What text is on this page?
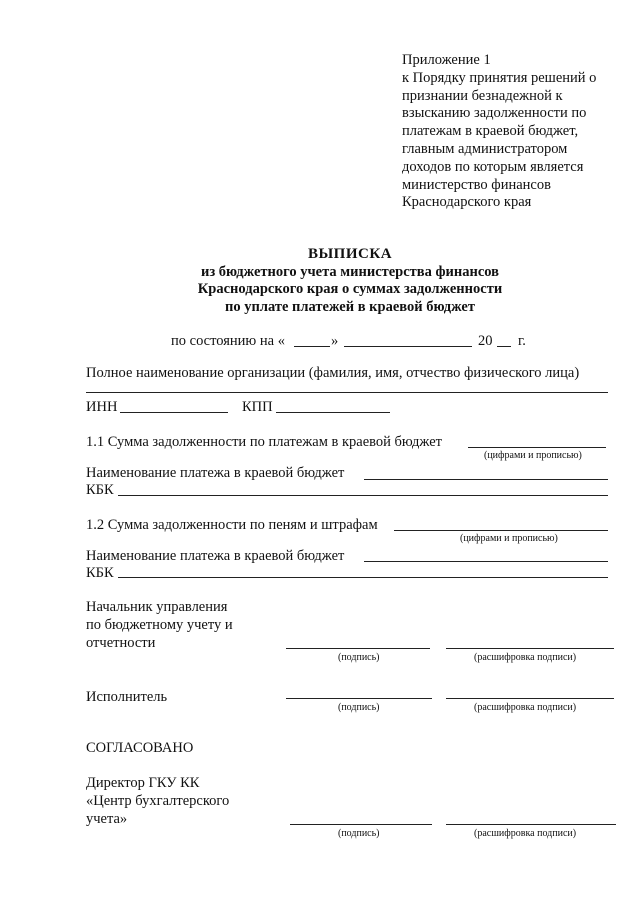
Приложение 1
к Порядку принятия решений о
признании безнадежной к
взысканию задолженности по
платежам в краевой бюджет,
главным администратором
доходов по которым является
министерство финансов
Краснодарского края
ВЫПИСКА
из бюджетного учета министерства финансов
Краснодарского края о суммах задолженности
по уплате платежей в краевой бюджет
по состоянию на «	»	20 г.
Полное наименование организации (фамилия, имя, отчество физического лица)
ИНН	КПП
1.1 Сумма задолженности по платежам в краевой бюджет
(цифрами и прописью)
Наименование платежа в краевой бюджет
КБК
1.2 Сумма задолженности по пеням и штрафам
(цифрами и прописью)
Наименование платежа в краевой бюджет
КБК
Начальник управления
по бюджетному учету и
отчетности
(подпись)	(расшифровка подписи)
Исполнитель
(подпись)	(расшифровка подписи)
СОГЛАСОВАНО
Директор ГКУ КК
«Центр бухгалтерского
учета»
(подпись)	(расшифровка подписи)
